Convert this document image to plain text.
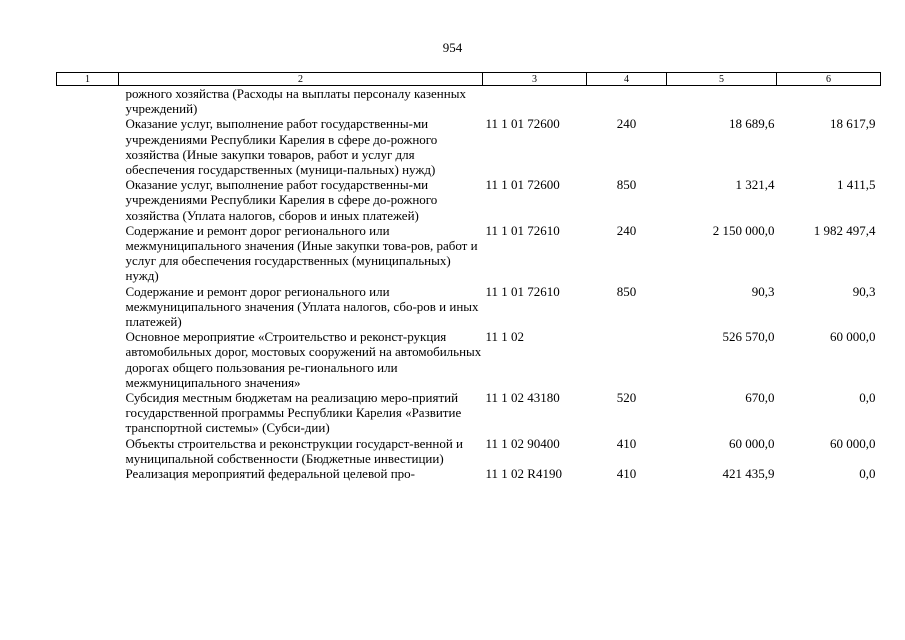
954
1	2	3	4	5	6
	рожного хозяйства (Расходы на выплаты персоналу казенных учреждений)				
	Оказание услуг, выполнение работ государственны-ми учреждениями Республики Карелия в сфере до-рожного хозяйства (Иные закупки товаров, работ и услуг для обеспечения государственных (муници-пальных) нужд)	11 1 01 72600	240	18 689,6	18 617,9
	Оказание услуг, выполнение работ государственны-ми учреждениями Республики Карелия в сфере до-рожного хозяйства (Уплата налогов, сборов и иных платежей)	11 1 01 72600	850	1 321,4	1 411,5
	Содержание и ремонт дорог регионального или межмуниципального значения (Иные закупки това-ров, работ и услуг для обеспечения государственных (муниципальных) нужд)	11 1 01 72610	240	2 150 000,0	1 982 497,4
	Содержание и ремонт дорог регионального или межмуниципального значения (Уплата налогов, сбо-ров и иных платежей)	11 1 01 72610	850	90,3	90,3
	Основное мероприятие «Строительство и реконст-рукция автомобильных дорог, мостовых сооружений на автомобильных дорогах общего пользования ре-гионального или межмуниципального значения»	11 1 02		526 570,0	60 000,0
	Субсидия местным бюджетам на реализацию меро-приятий государственной программы Республики Карелия «Развитие транспортной системы» (Субси-дии)	11 1 02 43180	520	670,0	0,0
	Объекты строительства и реконструкции государст-венной и муниципальной собственности (Бюджетные инвестиции)	11 1 02 90400	410	60 000,0	60 000,0
	Реализация мероприятий федеральной целевой про-	11 1 02 R4190	410	421 435,9	0,0
